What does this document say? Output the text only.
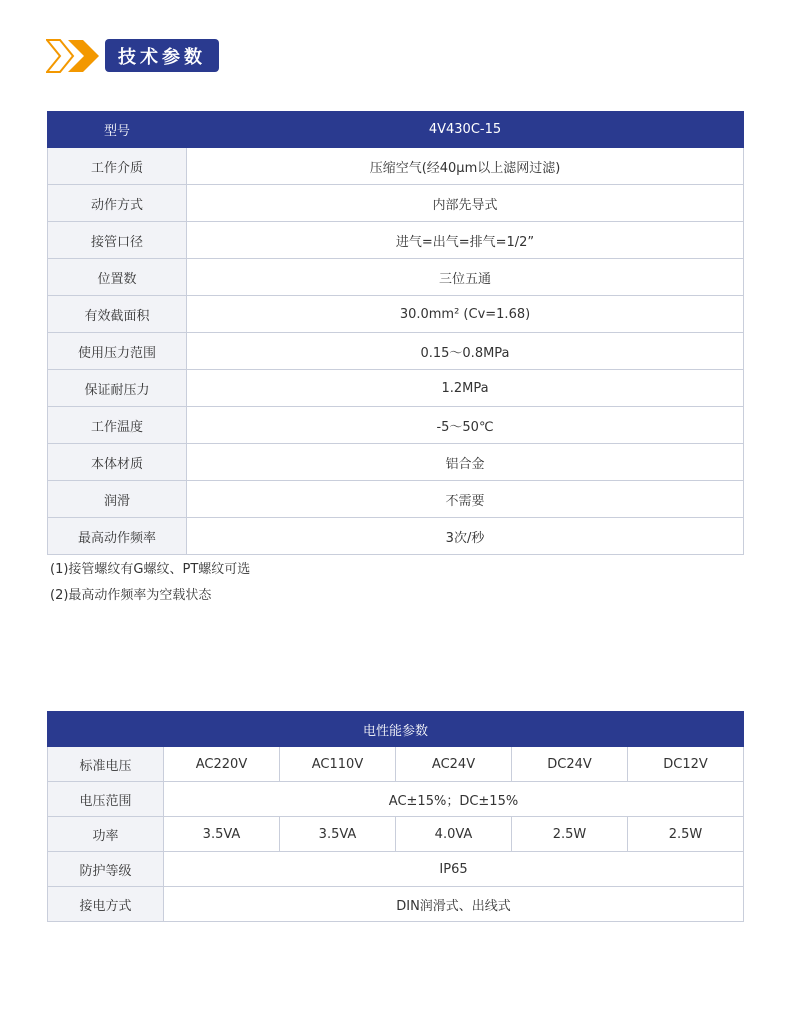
技术参数
型号	4V430C-15
工作介质	压缩空气(经40μm以上滤网过滤)
动作方式	内部先导式
接管口径	进气=出气=排气=1/2”
位置数	三位五通
有效截面积	30.0mm² (Cv=1.68)
使用压力范围	0.15～0.8MPa
保证耐压力	1.2MPa
工作温度	-5～50℃
本体材质	铝合金
润滑	不需要
最高动作频率	3次/秒
(1)接管螺纹有G螺纹、PT螺纹可选
(2)最高动作频率为空载状态
电性能参数					
标准电压	AC220V	AC110V	AC24V	DC24V	DC12V
电压范围	AC±15%；DC±15%				
功率	3.5VA	3.5VA	4.0VA	2.5W	2.5W
防护等级	IP65				
接电方式	DIN润滑式、出线式				
